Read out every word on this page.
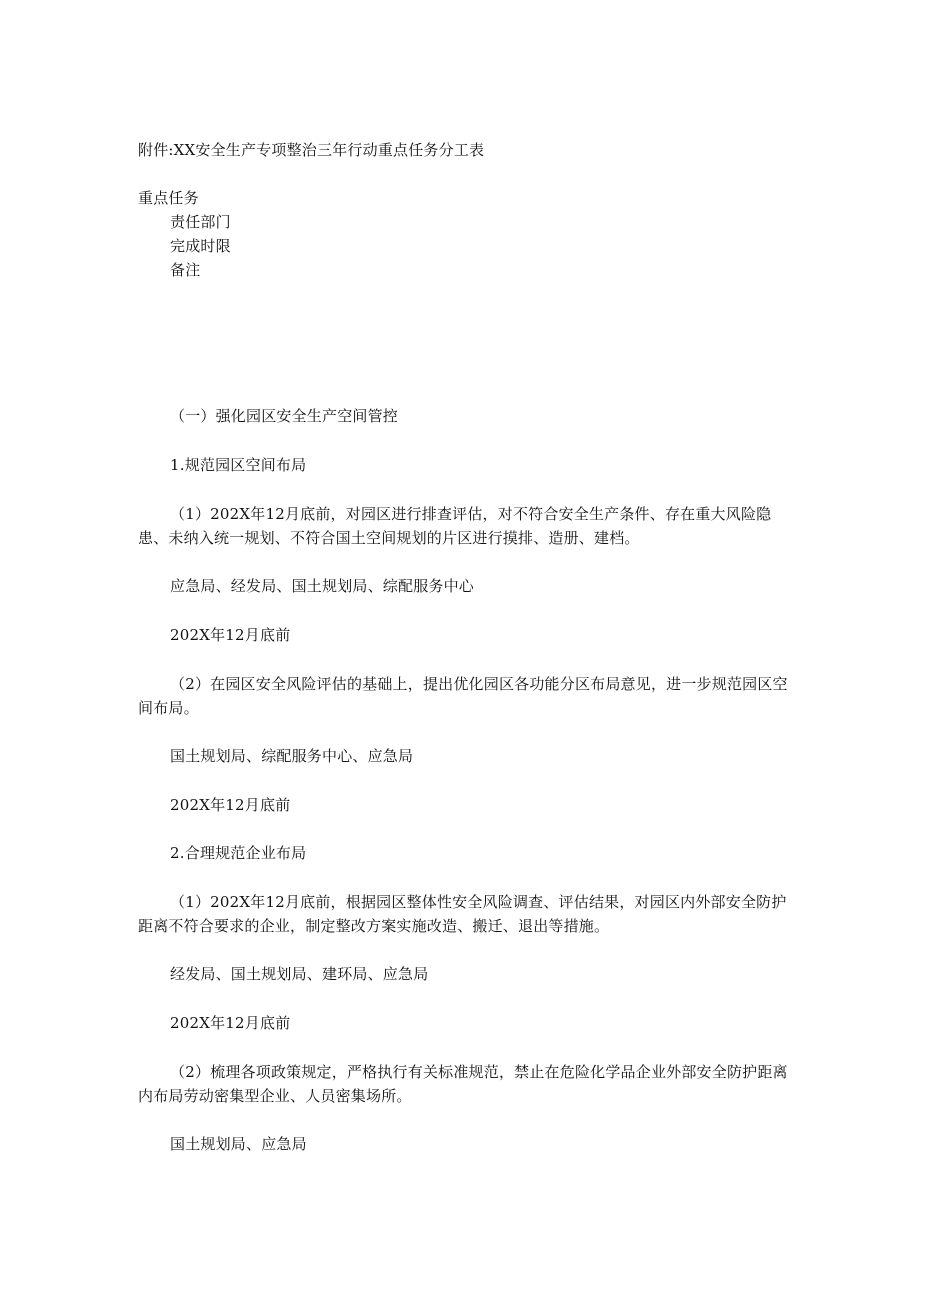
附件:XX安全生产专项整治三年行动重点任务分工表
重点任务
责任部门
完成时限
备注
（一）强化园区安全生产空间管控
1.规范园区空间布局
（1）202X年12月底前，对园区进行排查评估，对不符合安全生产条件、存在重大风险隐患、未纳入统一规划、不符合国土空间规划的片区进行摸排、造册、建档。
应急局、经发局、国土规划局、综配服务中心
202X年12月底前
（2）在园区安全风险评估的基础上，提出优化园区各功能分区布局意见，进一步规范园区空间布局。
国土规划局、综配服务中心、应急局
202X年12月底前
2.合理规范企业布局
（1）202X年12月底前，根据园区整体性安全风险调查、评估结果，对园区内外部安全防护距离不符合要求的企业，制定整改方案实施改造、搬迁、退出等措施。
经发局、国土规划局、建环局、应急局
202X年12月底前
（2）梳理各项政策规定，严格执行有关标准规范，禁止在危险化学品企业外部安全防护距离内布局劳动密集型企业、人员密集场所。
国土规划局、应急局
